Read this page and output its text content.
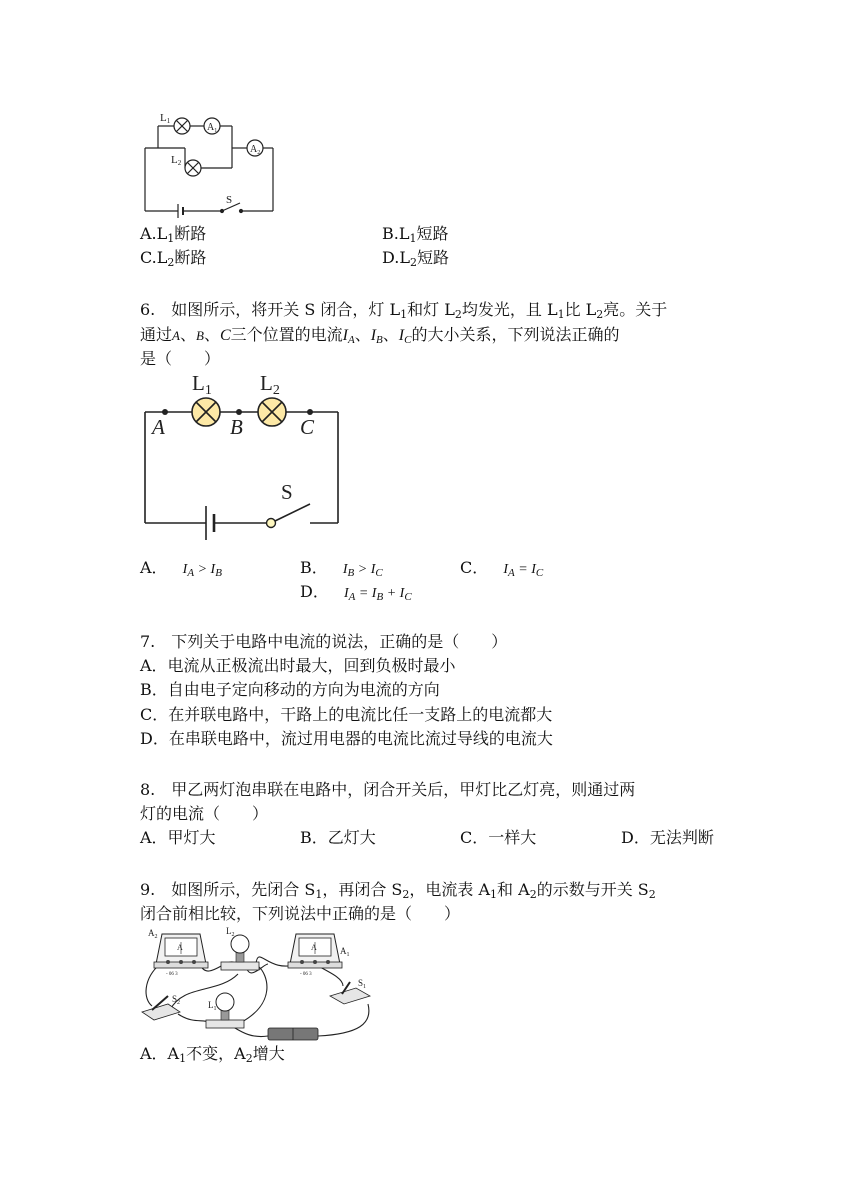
L1
$A_1$
$A_2$
L2
S
$A.L_1$断路	$B.L_1$短路
$C.L_2$断路	$D.L_2$短路
6.　 如图所示，将开关 S 闭合，灯 $L_1$和灯 $L_2$均发光，且 $L_1$比 $L_2$亮。关于
通过A、B、C三个位置的电流$I_A$、$I_B$、$I_C$的大小关系，下列说法正确的
是（　　）
L1 L2
A	B	C
S
A． $I_A > I_B$	B． $I_B > I_C$	C． $I_A = I_C$
D． $I_A = I_B + I_C$
7.　下列关于电路中电流的说法，正确的是（　　）
A．电流从正极流出时最大，回到负极时最小
B．自由电子定向移动的方向为电流的方向
C．在并联电路中，干路上的电流比任一支路上的电流都大
D．在串联电路中，流过用电器的电流比流过导线的电流大
8.　甲乙两灯泡串联在电路中，闭合开关后，甲灯比乙灯亮，则通过两
灯的电流（　　）
A．甲灯大	B．乙灯大	C．一样大	D．无法判断
9.　如图所示，先闭合 $S_1$，再闭合 $S_2$，电流表 $A_1$和 $A_2$的示数与开关 $S_2$
闭合前相比较，下列说法中正确的是（　　）
$A_2$
$L_2$
$A_1$
$S_1$
$S_2$	$L_1$
A	A
- 06 3	- 06 3
A．$A_1$不变，$A_2$增大
